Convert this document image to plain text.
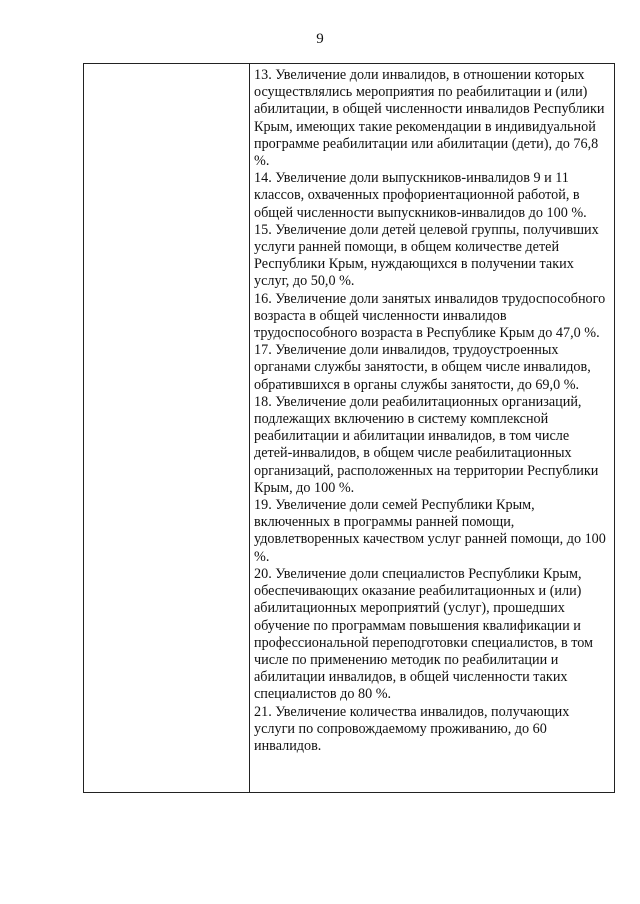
9

13. Увеличение доли инвалидов, в отношении которых осуществлялись мероприятия по реабилитации и (или) абилитации, в общей численности инвалидов Республики Крым, имеющих такие рекомендации в индивидуальной программе реабилитации или абилитации (дети), до 76,8 %.

14. Увеличение доли выпускников-инвалидов 9 и 11 классов, охваченных профориентационной работой, в общей численности выпускников-инвалидов до 100 %.

15. Увеличение доли детей целевой группы, получивших услуги ранней помощи, в общем количестве детей Республики Крым, нуждающихся в получении таких услуг, до 50,0 %.

16. Увеличение доли занятых инвалидов трудоспособного возраста в общей численности инвалидов трудоспособного возраста в Республике Крым до 47,0 %.

17. Увеличение доли инвалидов, трудоустроенных органами службы занятости, в общем числе инвалидов, обратившихся в органы службы занятости, до 69,0 %.

18. Увеличение доли реабилитационных организаций, подлежащих включению в систему комплексной реабилитации и абилитации инвалидов, в том числе детей-инвалидов, в общем числе реабилитационных организаций, расположенных на территории Республики Крым, до 100 %.

19. Увеличение доли семей Республики Крым, включенных в программы ранней помощи, удовлетворенных качеством услуг ранней помощи, до 100 %.

20. Увеличение доли специалистов Республики Крым, обеспечивающих оказание реабилитационных и (или) абилитационных мероприятий (услуг), прошедших обучение по программам повышения квалификации и профессиональной переподготовки специалистов, в том числе по применению методик по реабилитации и абилитации инвалидов, в общей численности таких специалистов до 80 %.

21. Увеличение количества инвалидов, получающих услуги по сопровождаемому проживанию, до 60 инвалидов.
